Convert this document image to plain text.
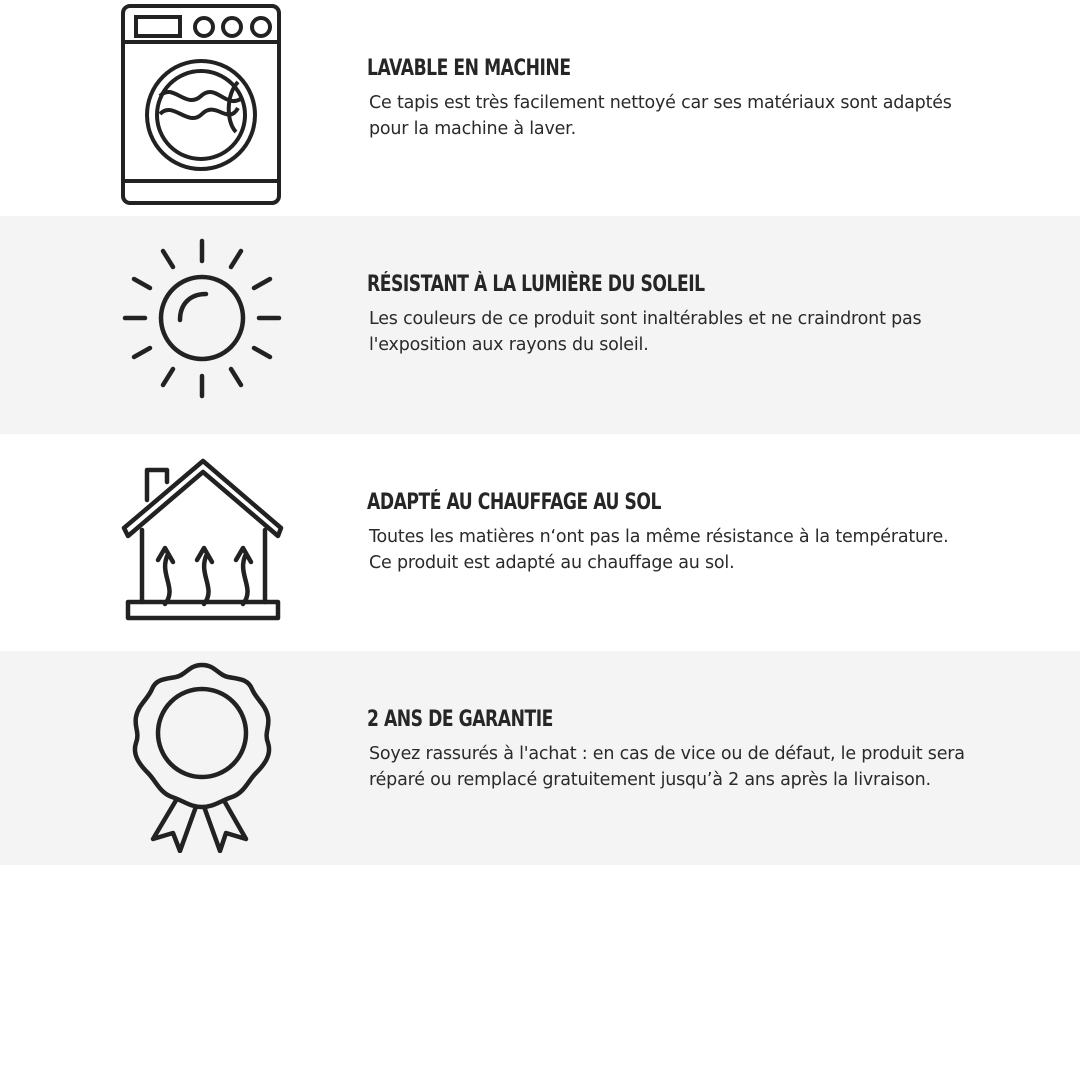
LAVABLE EN MACHINE

Ce tapis est très facilement nettoyé car ses matériaux sont adaptés
pour la machine à laver.

RÉSISTANT À LA LUMIÈRE DU SOLEIL

Les couleurs de ce produit sont inaltérables et ne craindront pas
l'exposition aux rayons du soleil.

ADAPTÉ AU CHAUFFAGE AU SOL

Toutes les matières n‘ont pas la même résistance à la température.
Ce produit est adapté au chauffage au sol.

2 ANS DE GARANTIE

Soyez rassurés à l'achat : en cas de vice ou de défaut, le produit sera
réparé ou remplacé gratuitement jusqu’à 2 ans après la livraison.
